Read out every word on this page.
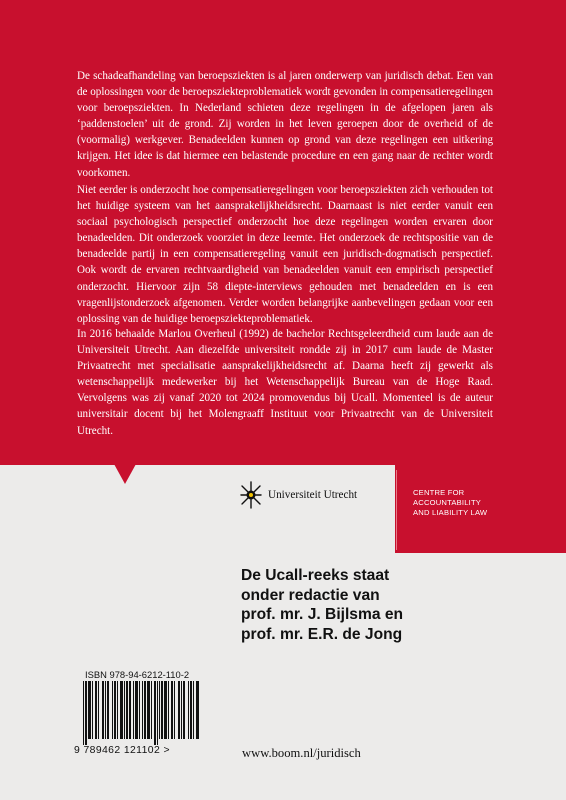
De schadeafhandeling van beroepsziekten is al jaren onderwerp van juridisch debat. Een van de oplossingen voor de beroepsziekteproblematiek wordt gevonden in compensatieregelingen voor beroepsziekten. In Nederland schieten deze regelingen in de afgelopen jaren als ‘paddenstoelen’ uit de grond. Zij worden in het leven geroepen door de overheid of de (voormalig) werkgever. Benadeelden kunnen op grond van deze regelingen een uitkering krijgen. Het idee is dat hiermee een belastende procedure en een gang naar de rechter wordt voorkomen.

Niet eerder is onderzocht hoe compensatieregelingen voor beroepsziekten zich verhouden tot het huidige systeem van het aansprakelijkheidsrecht. Daarnaast is niet eerder vanuit een sociaal psychologisch perspectief onderzocht hoe deze regelingen worden ervaren door benadeelden. Dit onderzoek voorziet in deze leemte. Het onderzoek de rechtspositie van de benadeelde partij in een compensatieregeling vanuit een juridisch-dogmatisch perspectief. Ook wordt de ervaren rechtvaardigheid van benadeelden vanuit een empirisch perspectief onderzocht. Hiervoor zijn 58 diepte-interviews gehouden met benadeelden en is een vragenlijstonderzoek afgenomen. Verder worden belangrijke aanbevelingen gedaan voor een oplossing van de huidige beroepsziekteproblematiek.

In 2016 behaalde Marlou Overheul (1992) de bachelor Rechtsgeleerdheid cum laude aan de Universiteit Utrecht. Aan diezelfde universiteit rondde zij in 2017 cum laude de Master Privaatrecht met specialisatie aansprakelijkheidsrecht af. Daarna heeft zij gewerkt als wetenschappelijk medewerker bij het Wetenschappelijk Bureau van de Hoge Raad. Vervolgens was zij vanaf 2020 tot 2024 promovendus bij Ucall. Momenteel is de auteur universitair docent bij het Molengraaff Instituut voor Privaatrecht van de Universiteit Utrecht.

Universiteit Utrecht	CENTRE FOR
ACCOUNTABILITY
AND LIABILITY LAW
De Ucall-reeks staat
onder redactie van
prof. mr. J. Bijlsma en
prof. mr. E.R. de Jong
ISBN 978-94-6212-110-2
9 789462 121102 >	www.boom.nl/juridisch
